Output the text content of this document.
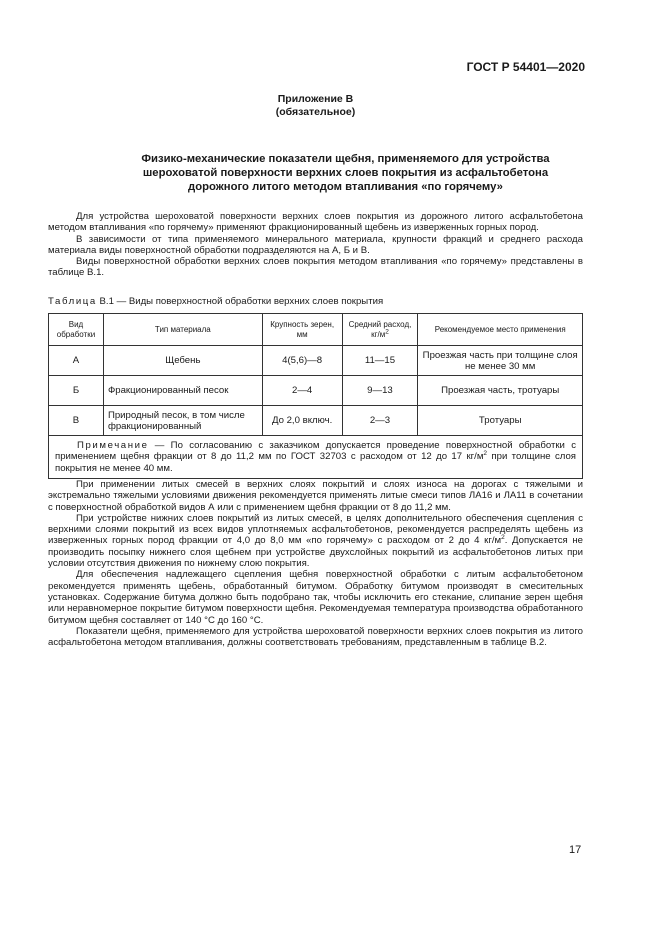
ГОСТ Р 54401—2020
Приложение В
(обязательное)
Физико-механические показатели щебня, применяемого для устройства
шероховатой поверхности верхних слоев покрытия из асфальтобетона
дорожного литого методом втапливания «по горячему»

Для устройства шероховатой поверхности верхних слоев покрытия из дорожного литого асфальтобетона методом втапливания «по горячему» применяют фракционированный щебень из изверженных горных пород.

В зависимости от типа применяемого минерального материала, крупности фракций и среднего расхода материала виды поверхностной обработки подразделяются на А, Б и В.

Виды поверхностной обработки верхних слоев покрытия методом втапливания «по горячему» представлены в таблице В.1.

Таблица В.1 — Виды поверхностной обработки верхних слоев покрытия
Вид обработки	Тип материала	Крупность зерен, мм	Средний расход, $кг/м^2$	Рекомендуемое место применения
А	Щебень	4(5,6)—8	11—15	Проезжая часть при толщине слоя не менее 30 мм
Б	Фракционированный песок	2—4	9—13	Проезжая часть, тротуары
В	Природный песок, в том числе фракционированный	До 2,0 включ.	2—3	Тротуары
Примечание — По согласованию с заказчиком допускается проведение поверхностной обработки с применением щебня фракции от 8 до 11,2 мм по ГОСТ 32703 с расходом от 12 до 17 $кг/м^2$ при толщине слоя покрытия не менее 40 мм.				

При применении литых смесей в верхних слоях покрытий и слоях износа на дорогах с тяжелыми и экстремально тяжелыми условиями движения рекомендуется применять литые смеси типов ЛА16 и ЛА11 в сочетании с поверхностной обработкой видов А или с применением щебня фракции от 8 до 11,2 мм.

При устройстве нижних слоев покрытий из литых смесей, в целях дополнительного обеспечения сцепления с верхними слоями покрытий из всех видов уплотняемых асфальтобетонов, рекомендуется распределять щебень из изверженных горных пород фракции от 4,0 до 8,0 мм «по горячему» с расходом от 2 до 4 $кг/м^2$. Допускается не производить посыпку нижнего слоя щебнем при устройстве двухслойных покрытий из асфальтобетонов литых при условии отсутствия движения по нижнему слою покрытия.

Для обеспечения надлежащего сцепления щебня поверхностной обработки с литым асфальтобетоном рекомендуется применять щебень, обработанный битумом. Обработку битумом производят в смесительных установках. Содержание битума должно быть подобрано так, чтобы исключить его стекание, слипание зерен щебня или неравномерное покрытие битумом поверхности щебня. Рекомендуемая температура производства обработанного битумом щебня составляет от 140 °C до 160 °C.

Показатели щебня, применяемого для устройства шероховатой поверхности верхних слоев покрытия из литого асфальтобетона методом втапливания, должны соответствовать требованиям, представленным в таблице В.2.

17
